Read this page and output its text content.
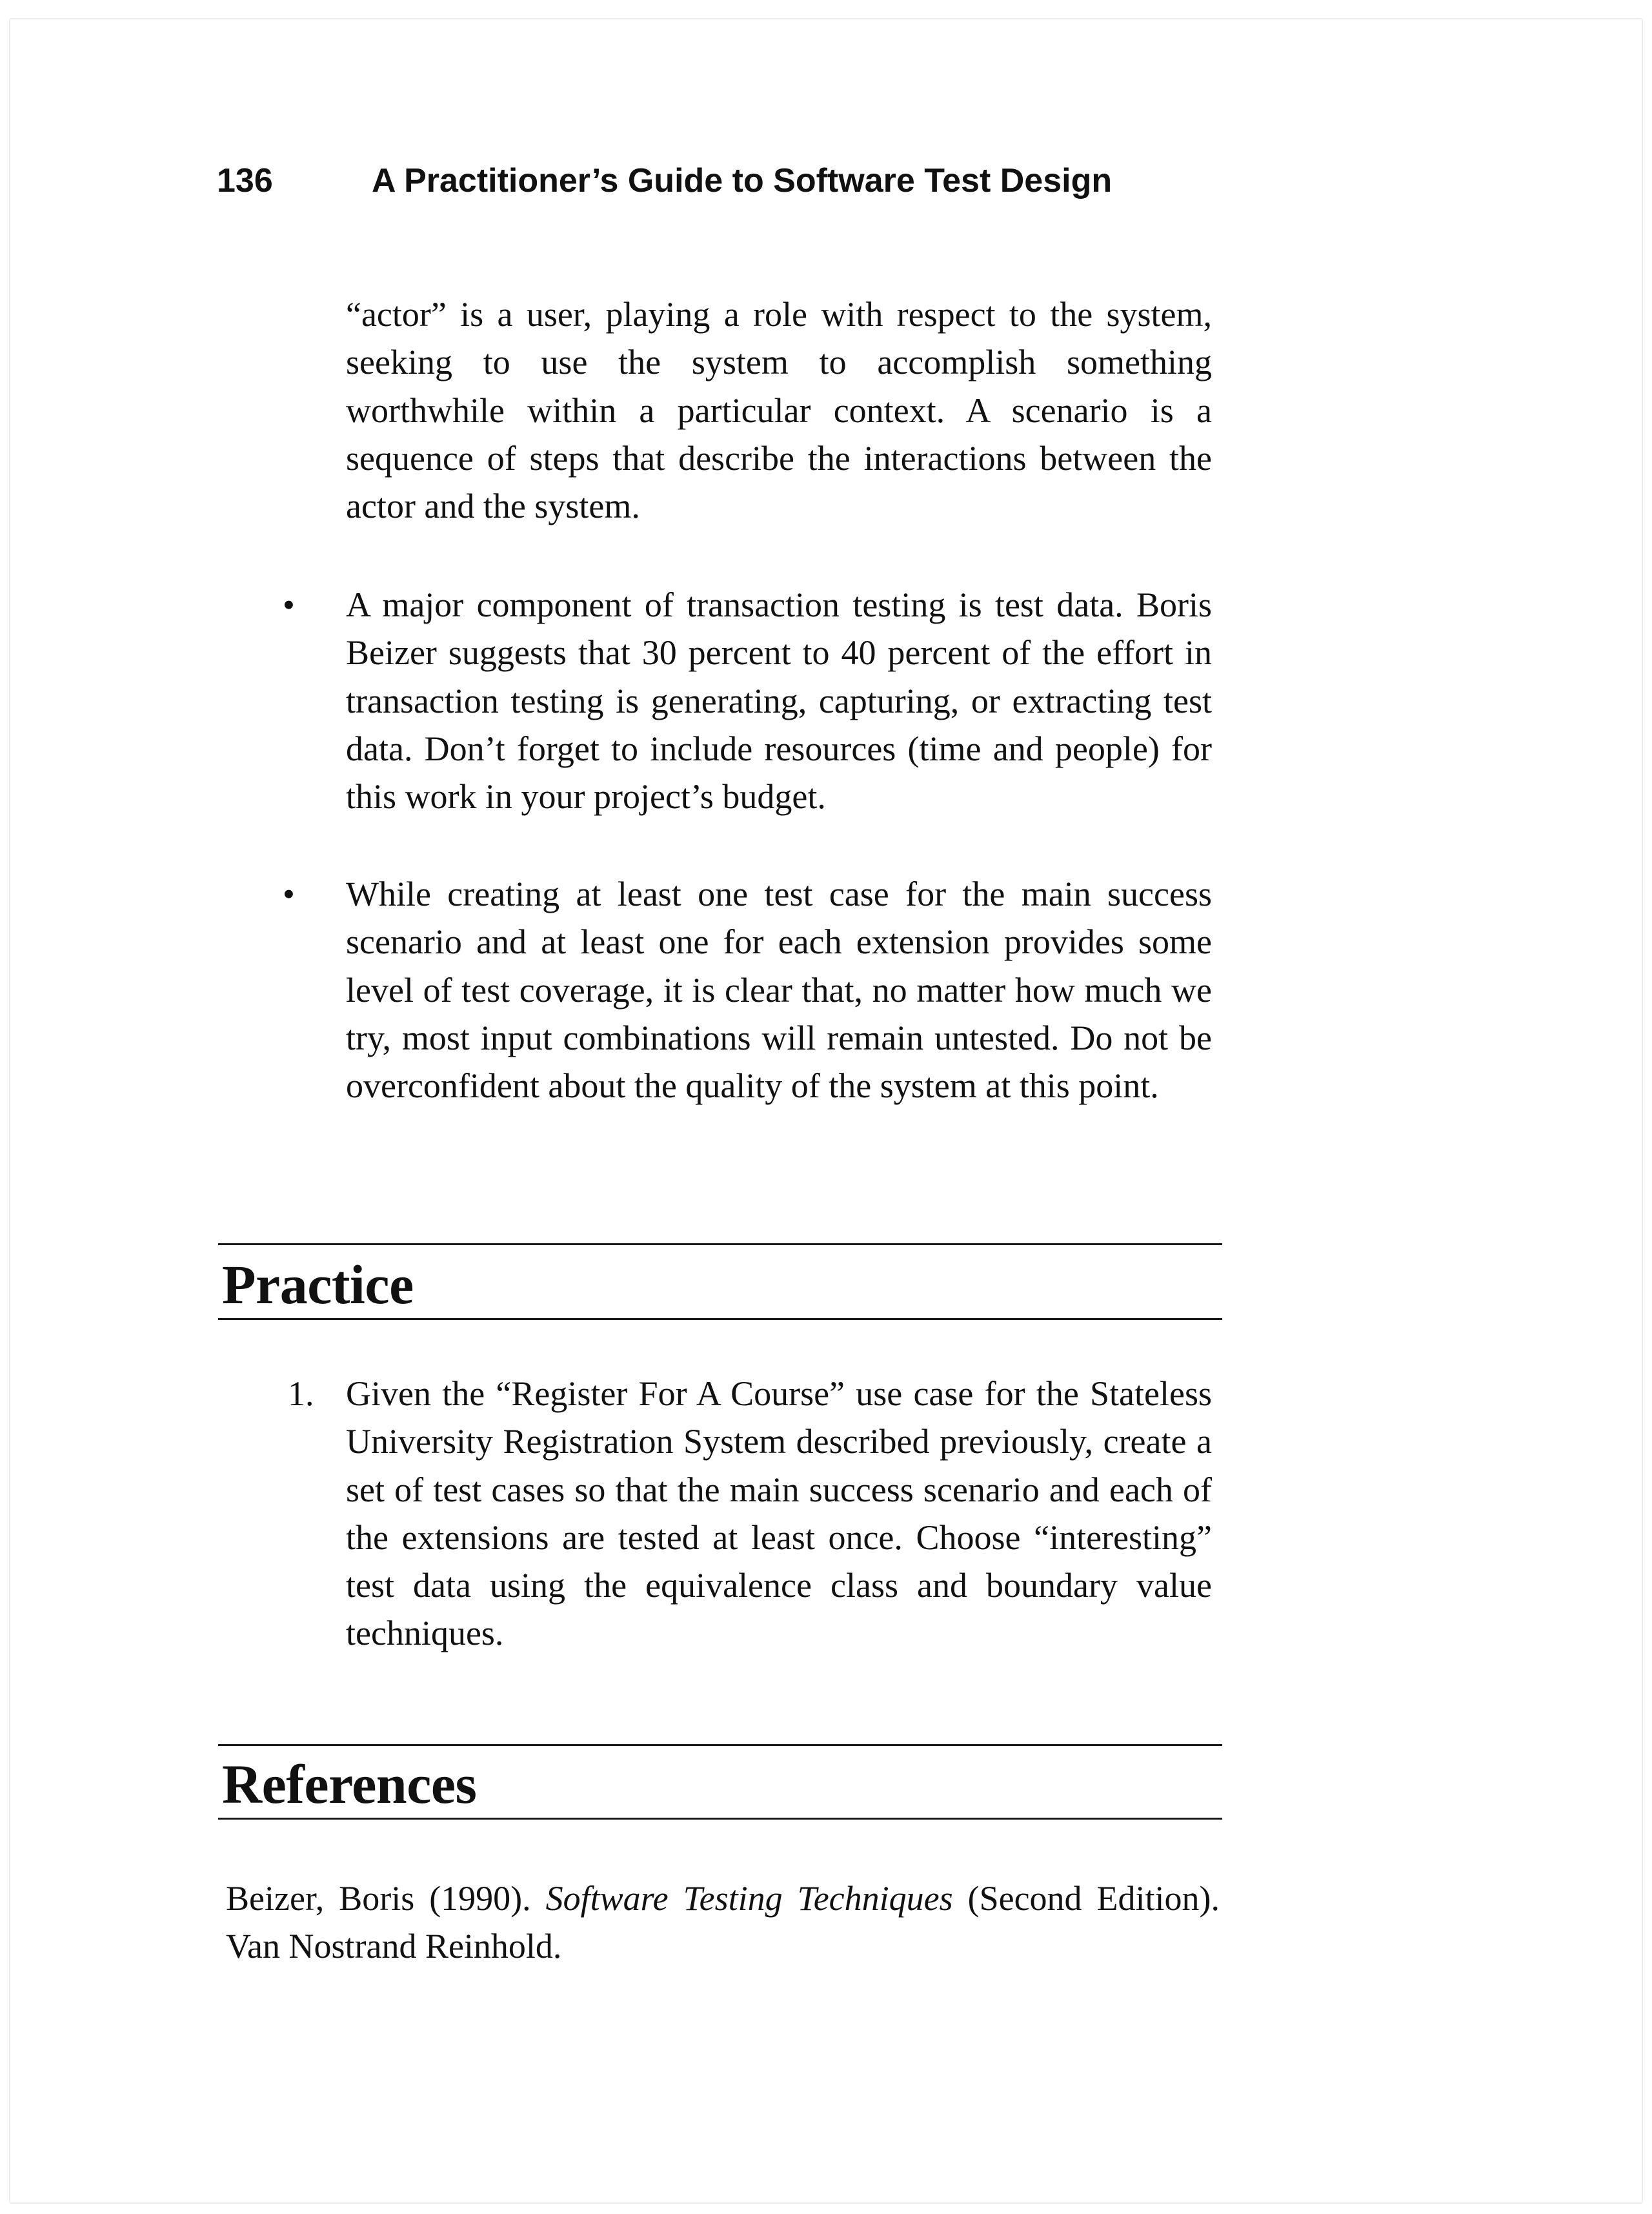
136	A Practitioner’s Guide to Software Test Design

“actor” is a user, playing a role with respect to the system, seeking to use the system to accomplish something worthwhile within a particular context. A scenario is a sequence of steps that describe the interactions between the actor and the system.

•	A major component of transaction testing is test data. Boris Beizer suggests that 30 percent to 40 percent of the effort in transaction testing is generating, capturing, or extracting test data. Don’t forget to include resources (time and people) for this work in your project’s budget.

•	While creating at least one test case for the main success scenario and at least one for each extension provides some level of test coverage, it is clear that, no matter how much we try, most input combinations will remain untested. Do not be overconfident about the quality of the system at this point.

Practice
1. Given the “Register For A Course” use case for the Stateless University Registration System described previously, create a set of test cases so that the main success scenario and each of the extensions are tested at least once. Choose “interesting” test data using the equivalence class and boundary value techniques.

References

Beizer, Boris (1990). Software Testing Techniques (Second Edition). Van Nostrand Reinhold.
